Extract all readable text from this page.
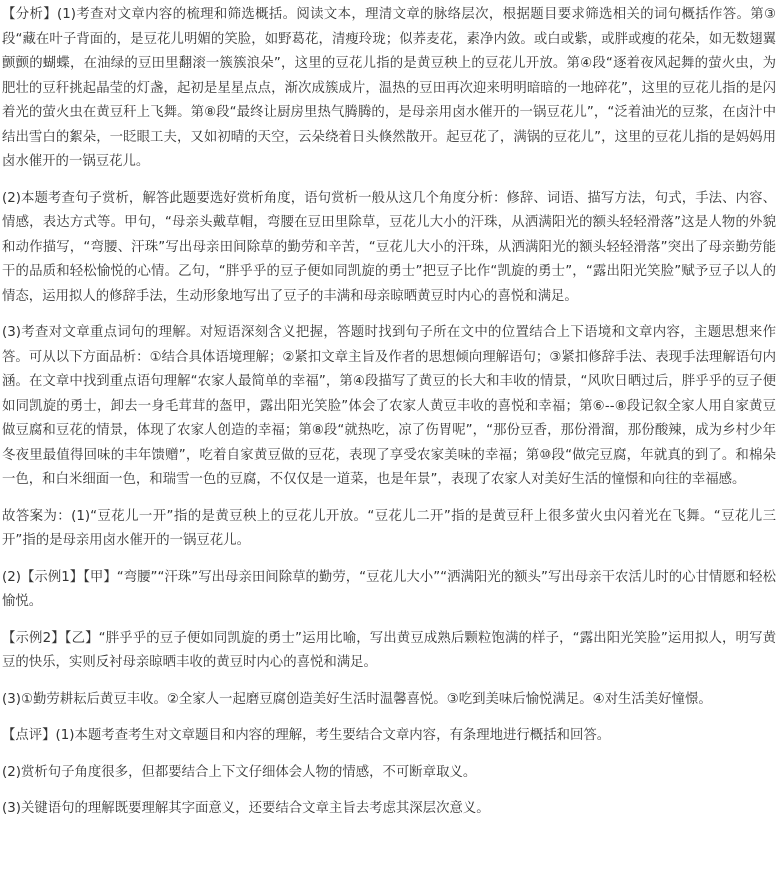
【分析】(1)考查对文章内容的梳理和筛选概括。阅读文本，理清文章的脉络层次，根据题目要求筛选相关的词句概括作答。第③段“藏在叶子背面的，是豆花儿明媚的笑脸，如野葛花，清瘦玲珑；似荞麦花，素净内敛。或白或紫，或胖或瘦的花朵，如无数翅翼颤颤的蝴蝶，在油绿的豆田里翻滚一簇簇浪朵”，这里的豆花儿指的是黄豆秧上的豆花儿开放。第④段“逐着夜风起舞的萤火虫，为肥壮的豆秆挑起晶莹的灯盏，起初是星星点点，渐次成簇成片，温热的豆田再次迎来明明暗暗的一地碎花”，这里的豆花儿指的是闪着光的萤火虫在黄豆秆上飞舞。第⑧段“最终让厨房里热气腾腾的，是母亲用卤水催开的一锅豆花儿”，“泛着油光的豆浆，在卤汁中结出雪白的絮朵，一眨眼工夫，又如初晴的天空，云朵绕着日头倏然散开。起豆花了，满锅的豆花儿”，这里的豆花儿指的是妈妈用卤水催开的一锅豆花儿。

(2)本题考查句子赏析，解答此题要选好赏析角度，语句赏析一般从这几个角度分析：修辞、词语、描写方法，句式，手法、内容、情感，表达方式等。甲句，“母亲头戴草帽，弯腰在豆田里除草，豆花儿大小的汗珠，从洒满阳光的额头轻轻滑落”这是人物的外貌和动作描写，“弯腰、汗珠”写出母亲田间除草的勤劳和辛苦，“豆花儿大小的汗珠，从洒满阳光的额头轻轻滑落”突出了母亲勤劳能干的品质和轻松愉悦的心情。乙句，“胖乎乎的豆子便如同凯旋的勇士”把豆子比作“凯旋的勇士”，“露出阳光笑脸”赋予豆子以人的情态，运用拟人的修辞手法，生动形象地写出了豆子的丰满和母亲晾晒黄豆时内心的喜悦和满足。

(3)考查对文章重点词句的理解。对短语深刻含义把握，答题时找到句子所在文中的位置结合上下语境和文章内容，主题思想来作答。可从以下方面品析：①结合具体语境理解；②紧扣文章主旨及作者的思想倾向理解语句；③紧扣修辞手法、表现手法理解语句内涵。在文章中找到重点语句理解“农家人最简单的幸福”，第④段描写了黄豆的长大和丰收的情景，“风吹日晒过后，胖乎乎的豆子便如同凯旋的勇士，卸去一身毛茸茸的盔甲，露出阳光笑脸”体会了农家人黄豆丰收的喜悦和幸福；第⑥--⑧段记叙全家人用自家黄豆做豆腐和豆花的情景，体现了农家人创造的幸福；第⑧段“就热吃，凉了伤胃呢”，“那份豆香，那份滑溜，那份酸辣，成为乡村少年冬夜里最值得回味的丰年馈赠”，吃着自家黄豆做的豆花，表现了享受农家美味的幸福；第⑩段“做完豆腐，年就真的到了。和棉朵一色，和白米细面一色，和瑞雪一色的豆腐，不仅仅是一道菜，也是年景”，表现了农家人对美好生活的憧憬和向往的幸福感。

故答案为：(1)“豆花儿一开”指的是黄豆秧上的豆花儿开放。“豆花儿二开”指的是黄豆秆上很多萤火虫闪着光在飞舞。“豆花儿三开”指的是母亲用卤水催开的一锅豆花儿。

(2)【示例1】【甲】“弯腰”“汗珠”写出母亲田间除草的勤劳，“豆花儿大小”“洒满阳光的额头”写出母亲干农活儿时的心甘情愿和轻松愉悦。

【示例2】【乙】“胖乎乎的豆子便如同凯旋的勇士”运用比喻，写出黄豆成熟后颗粒饱满的样子，“露出阳光笑脸”运用拟人，明写黄豆的快乐，实则反衬母亲晾晒丰收的黄豆时内心的喜悦和满足。

(3)①勤劳耕耘后黄豆丰收。②全家人一起磨豆腐创造美好生活时温馨喜悦。③吃到美味后愉悦满足。④对生活美好憧憬。

【点评】(1)本题考查考生对文章题目和内容的理解，考生要结合文章内容，有条理地进行概括和回答。

(2)赏析句子角度很多，但都要结合上下文仔细体会人物的情感，不可断章取义。

(3)关键语句的理解既要理解其字面意义，还要结合文章主旨去考虑其深层次意义。
